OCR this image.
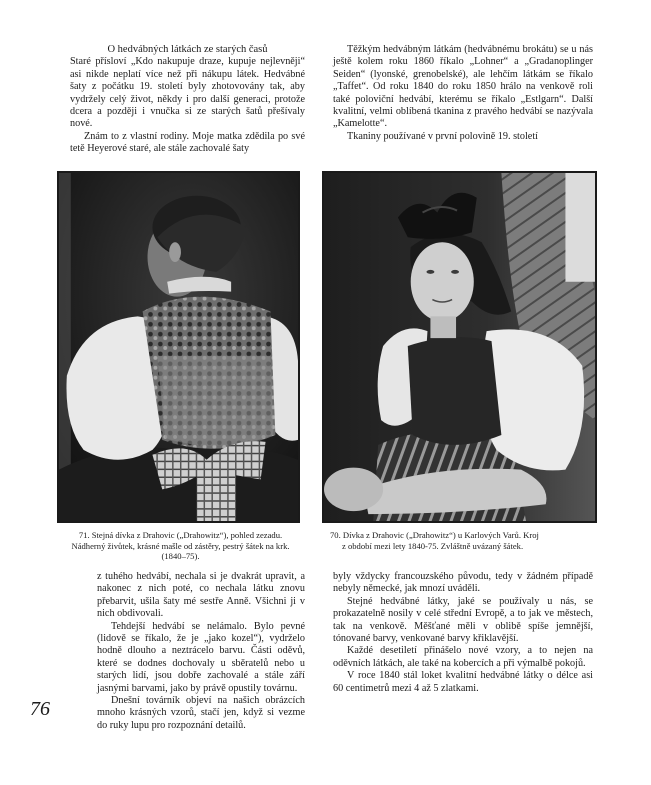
O hedvábných látkách ze starých časů

Staré přísloví „Kdo nakupuje draze, kupuje nejlevněji“ asi nikde neplatí více než při nákupu látek. Hedvábné šaty z počátku 19. století byly zhotovovány tak, aby vydržely celý život, někdy i pro další generaci, protože dcera a později i vnučka si ze starých šatů přešívaly nové.

Znám to z vlastní rodiny. Moje matka zdědila po své tetě Heyerové staré, ale stále zachovalé šaty

Těžkým hedvábným látkám (hedvábnému brokátu) se u nás ještě kolem roku 1860 říkalo „Lohner“ a „Gradanoplinger Seiden“ (lyonské, grenobelské), ale lehčím látkám se říkalo „Taffet“. Od roku 1840 do roku 1850 hrálo na venkově roli také poloviční hedvábí, kterému se říkalo „Estlgarn“. Další kvalitní, velmi oblíbená tkanina z pravého hedvábí se nazývala „Kamelotte“.

Tkaniny používané v první polovině 19. století

71. Stejná dívka z Drahovic („Drahowitz“), pohled zezadu. Nádherný živůtek, krásné mašle od zástěry, pestrý šátek na krk. (1840–75).
70. Dívka z Drahovic („Drahowitz“) u Karlových Varů. Kroj
z období mezi lety 1840-75. Zvláštně uvázaný šátek.

z tuhého hedvábí, nechala si je dvakrát upravit, a nakonec z nich poté, co nechala látku znovu přebarvit, ušila šaty mé sestře Anně. Všichni ji v nich obdivovali.

Tehdejší hedvábí se nelámalo. Bylo pevné (lidově se říkalo, že je „jako kozel“), vydrželo hodně dlouho a neztrácelo barvu. Části oděvů, které se dodnes dochovaly u sběratelů nebo u starých lidí, jsou dobře zachovalé a stále září jasnými barvami, jako by právě opustily továrnu.

Dnešní továrník objeví na našich obrázcích mnoho krásných vzorů, stačí jen, když si vezme do ruky lupu pro rozpoznání detailů.

byly vždycky francouzského původu, tedy v žádném případě nebyly německé, jak mnozí uváděli.

Stejné hedvábné látky, jaké se používaly u nás, se prokazatelně nosily v celé střední Evropě, a to jak ve městech, tak na venkově. Měšťané měli v oblibě spíše jemnější, tónované barvy, venkované barvy křiklavější.

Každé desetiletí přinášelo nové vzory, a to nejen na oděvních látkách, ale také na kobercích a při výmalbě pokojů.

V roce 1840 stál loket kvalitní hedvábné látky o délce asi 60 centimetrů mezi 4 až 5 zlatkami.

76
